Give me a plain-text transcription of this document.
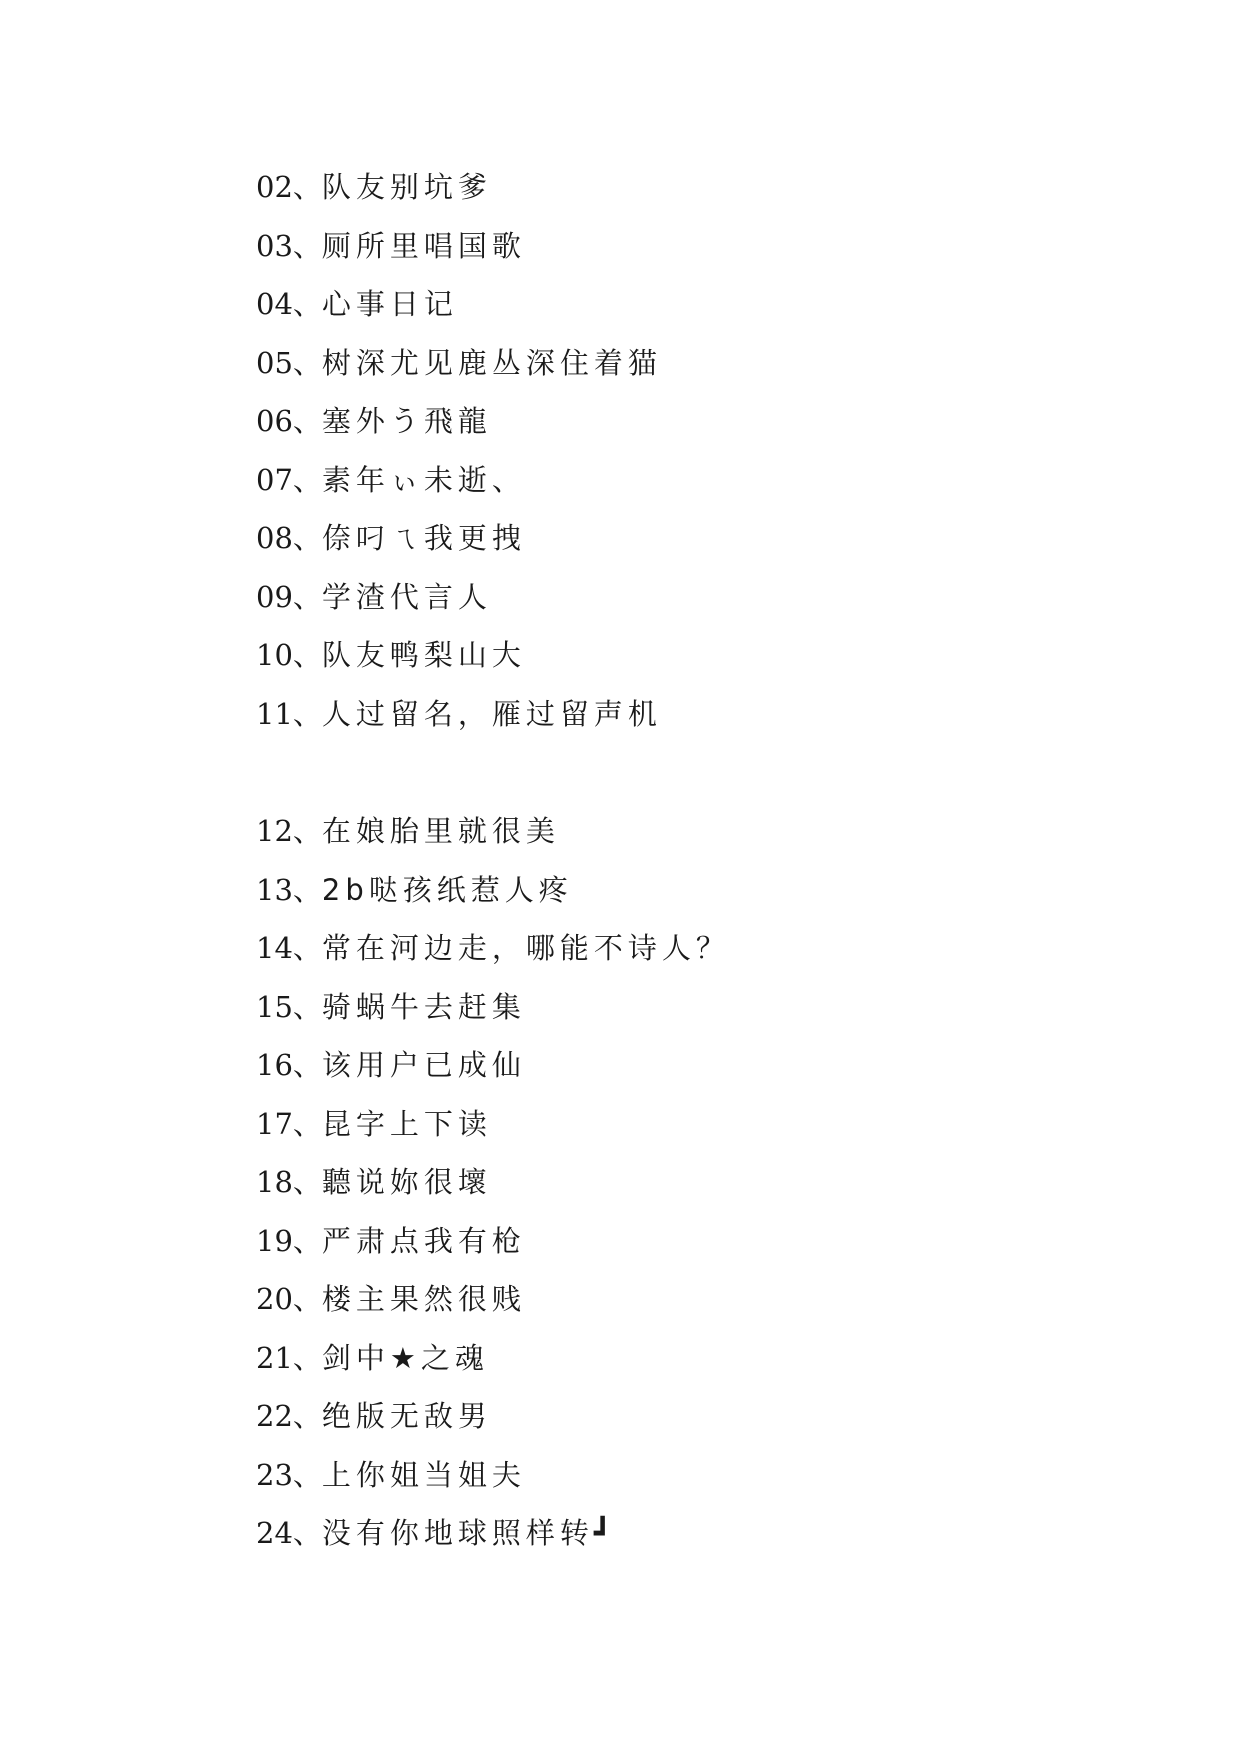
02、队友别坑爹
03、厕所里唱国歌
04、心事日记
05、树深尤见鹿丛深住着猫
06、塞外う飛龍
07、素年ぃ未逝、
08、倷叼ㄟ我更拽
09、学渣代言人
10、队友鸭梨山大
11、人过留名，雁过留声机
12、在娘胎里就很美
13、2b哒孩纸惹人疼
14、常在河边走，哪能不诗人？
15、骑蜗牛去赶集
16、该用户已成仙
17、昆字上下读
18、聽说妳很壞
19、严肃点我有枪
20、楼主果然很贱
21、剑中★之魂
22、绝版无敌男
23、上你姐当姐夫
24、没有你地球照样转┛
